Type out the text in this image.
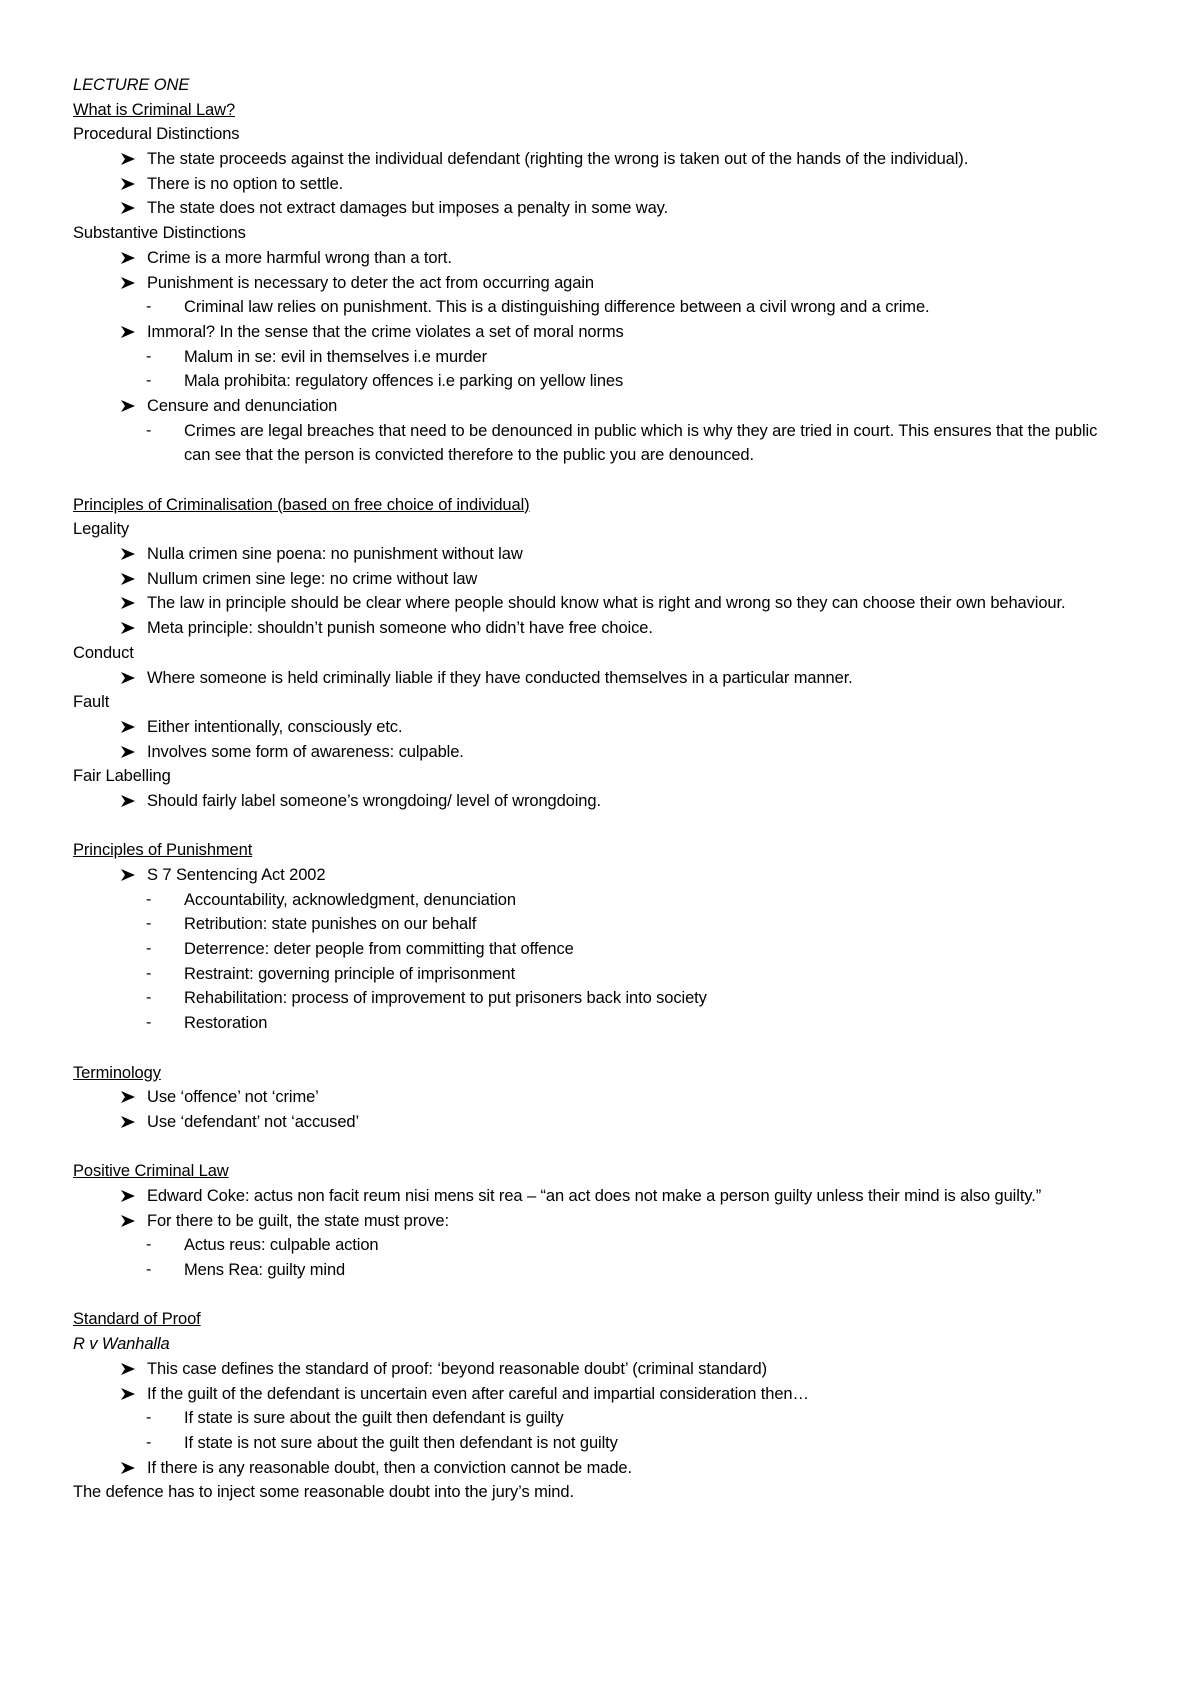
LECTURE ONE
What is Criminal Law?
Procedural Distinctions
The state proceeds against the individual defendant (righting the wrong is taken out of the hands of the individual).
There is no option to settle.
The state does not extract damages but imposes a penalty in some way.
Substantive Distinctions
Crime is a more harmful wrong than a tort.
Punishment is necessary to deter the act from occurring again
-	Criminal law relies on punishment. This is a distinguishing difference between a civil wrong and a crime.
Immoral? In the sense that the crime violates a set of moral norms
-	Malum in se: evil in themselves i.e murder
-	Mala prohibita: regulatory offences i.e parking on yellow lines
Censure and denunciation
-	Crimes are legal breaches that need to be denounced in public which is why they are tried in court. This ensures that the public can see that the person is convicted therefore to the public you are denounced.
Principles of Criminalisation (based on free choice of individual)
Legality
Nulla crimen sine poena: no punishment without law
Nullum crimen sine lege: no crime without law
The law in principle should be clear where people should know what is right and wrong so they can choose their own behaviour.
Meta principle: shouldn’t punish someone who didn’t have free choice.
Conduct
Where someone is held criminally liable if they have conducted themselves in a particular manner.
Fault
Either intentionally, consciously etc.
Involves some form of awareness: culpable.
Fair Labelling
Should fairly label someone’s wrongdoing/ level of wrongdoing.
Principles of Punishment
S 7 Sentencing Act 2002
-	Accountability, acknowledgment, denunciation
-	Retribution: state punishes on our behalf
-	Deterrence: deter people from committing that offence
-	Restraint: governing principle of imprisonment
-	Rehabilitation: process of improvement to put prisoners back into society
-	Restoration
Terminology
Use ‘offence’ not ‘crime’
Use ‘defendant’ not ‘accused’
Positive Criminal Law
Edward Coke: actus non facit reum nisi mens sit rea – “an act does not make a person guilty unless their mind is also guilty.”
For there to be guilt, the state must prove:
-	Actus reus: culpable action
-	Mens Rea: guilty mind
Standard of Proof
R v Wanhalla
This case defines the standard of proof: ‘beyond reasonable doubt’ (criminal standard)
If the guilt of the defendant is uncertain even after careful and impartial consideration then…
-	If state is sure about the guilt then defendant is guilty
-	If state is not sure about the guilt then defendant is not guilty
If there is any reasonable doubt, then a conviction cannot be made.
The defence has to inject some reasonable doubt into the jury’s mind.
